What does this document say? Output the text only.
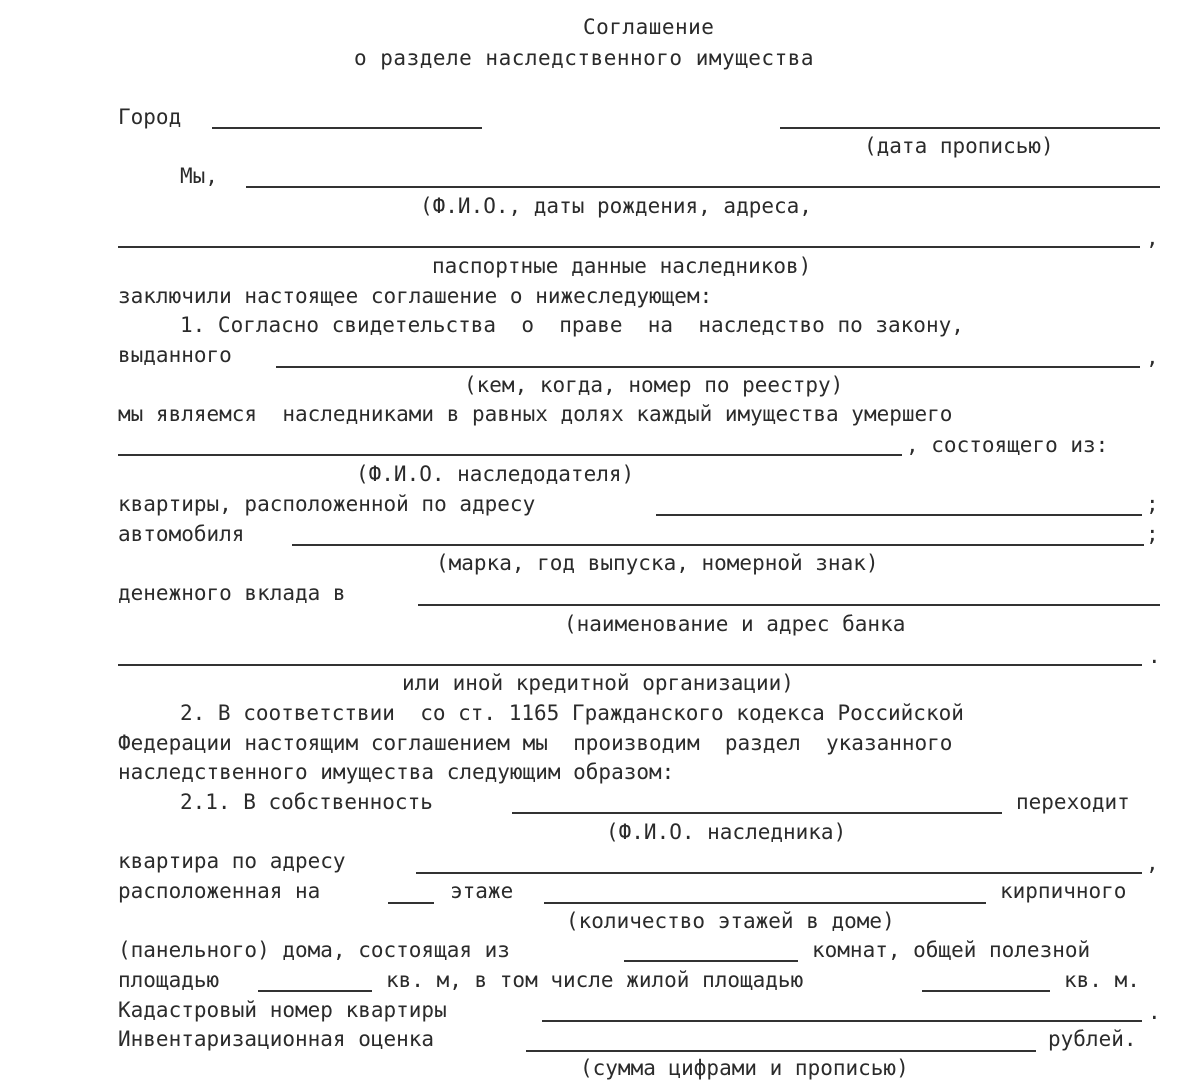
Соглашение
о разделе наследственного имущества
Город
(дата прописью)
Мы,
(Ф.И.О., даты рождения, адреса,
,
паспортные данные наследников)
заключили настоящее соглашение о нижеследующем:
1. Согласно свидетельства  о  праве  на  наследство по закону,
выданного	,
(кем, когда, номер по реестру)
мы являемся  наследниками в равных долях каждый имущества умершего
, состоящего из:
(Ф.И.О. наследодателя)
квартиры, расположенной по адресу	;
автомобиля	;
(марка, год выпуска, номерной знак)
денежного вклада в
(наименование и адрес банка
.
или иной кредитной организации)
2. В соответствии  со ст. 1165 Гражданского кодекса Российской
Федерации настоящим соглашением мы  производим  раздел  указанного
наследственного имущества следующим образом:
2.1. В собственность	переходит
(Ф.И.О. наследника)
квартира по адресу	,
расположенная на	этаже	кирпичного
(количество этажей в доме)
(панельного) дома, состоящая из	комнат, общей полезной
площадью	кв. м, в том числе жилой площадью	кв. м.
Кадастровый номер квартиры	.
Инвентаризационная оценка	рублей.
(сумма цифрами и прописью)
